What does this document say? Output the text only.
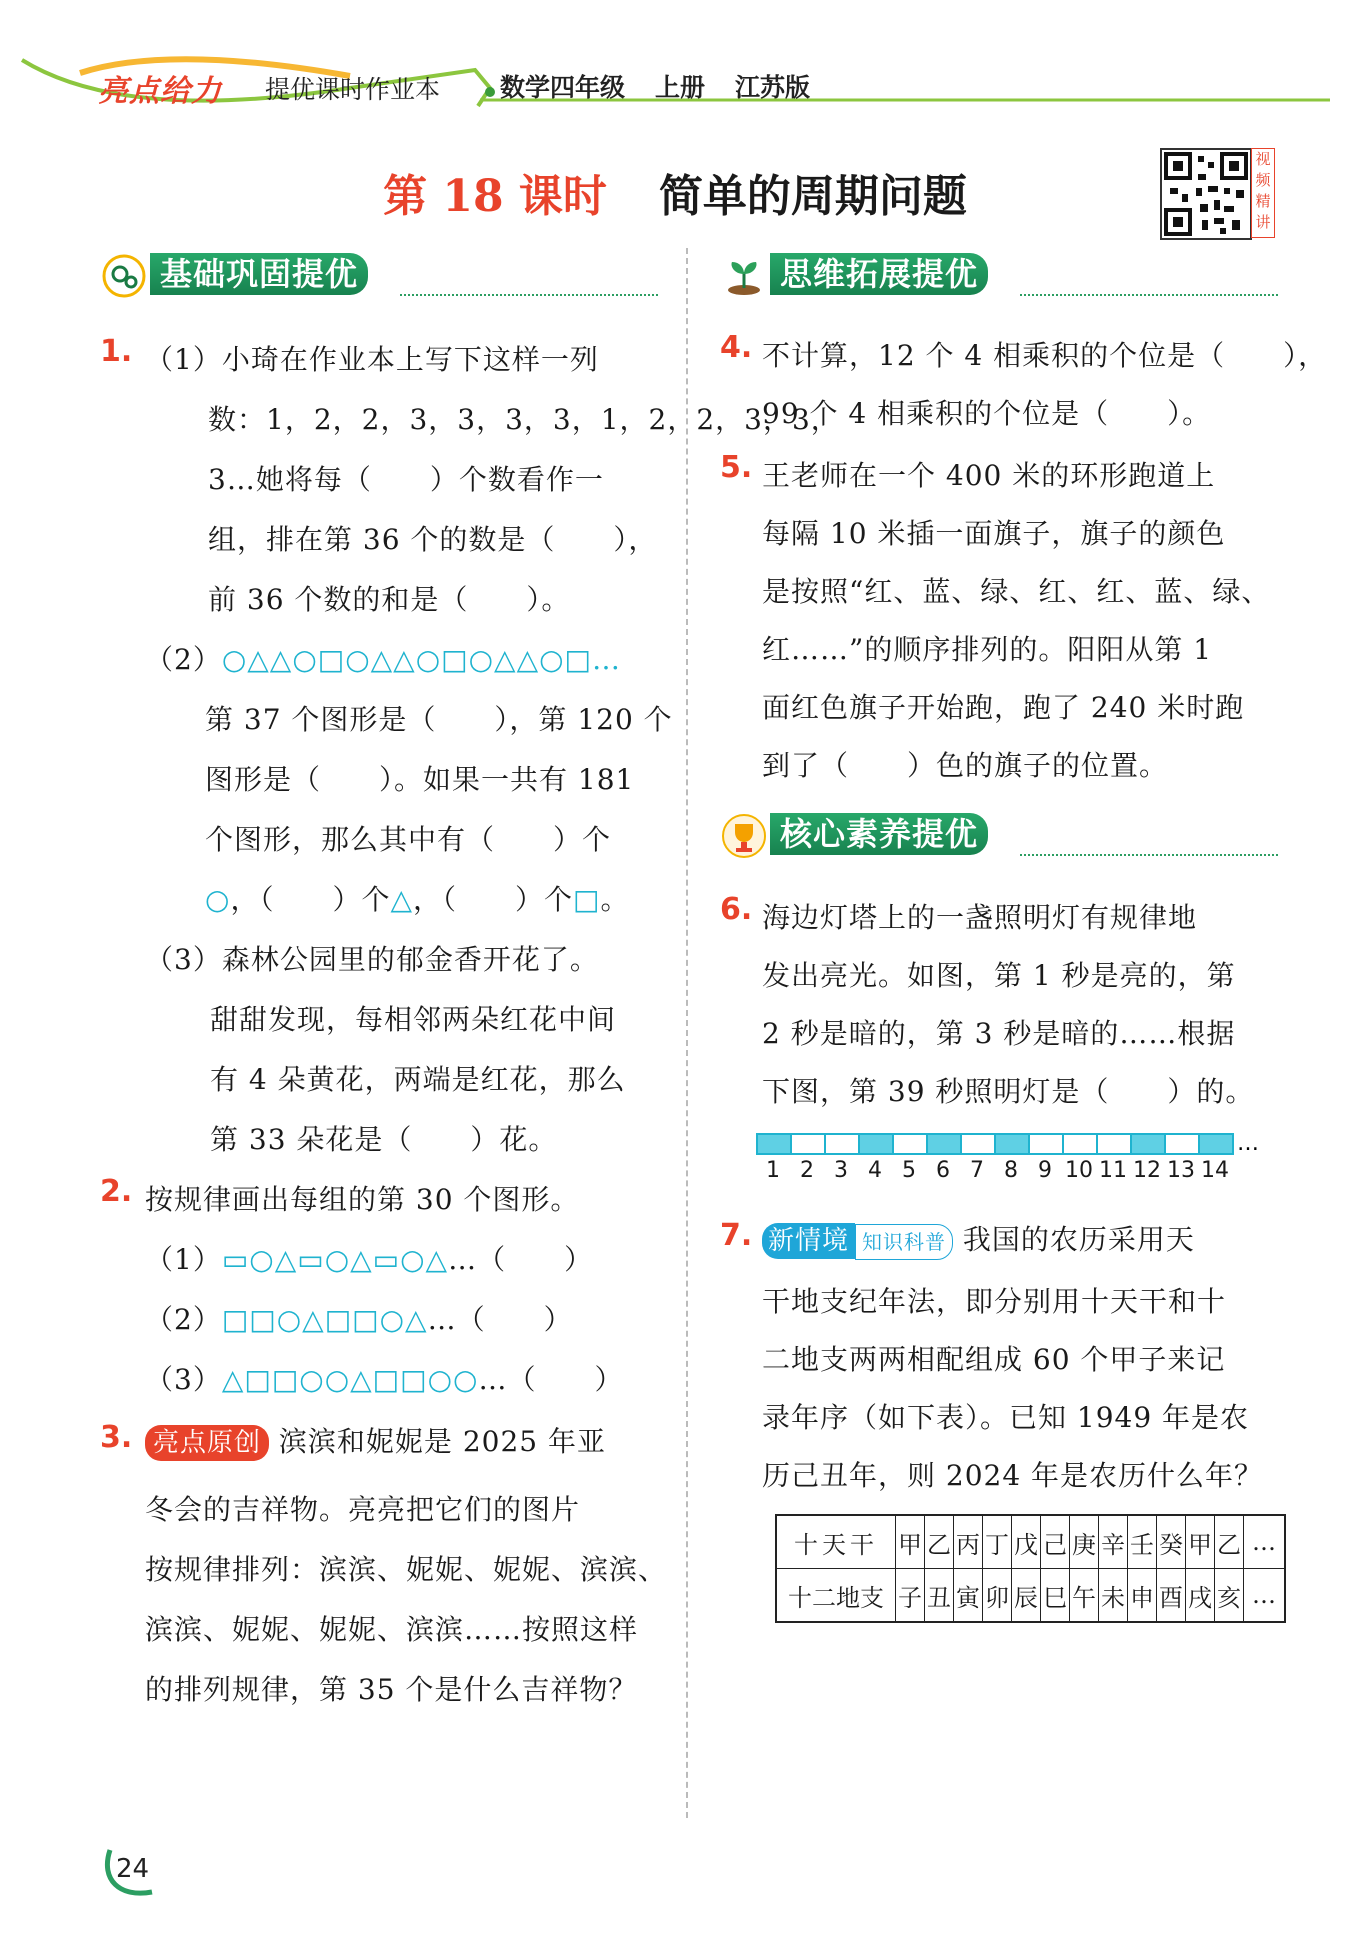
亮点给力 提优课时作业本 数学四年级 上册 江苏版
第 18 课时 简单的周期问题
视频精讲
基础巩固提优	思维拓展提优
核心素养提优
1. （1）小琦在作业本上写下这样一列
数：1，2，2，3，3，3，3，1，2，2，3，3，
3…她将每（　　）个数看作一
组，排在第 36 个的数是（　　），
前 36 个数的和是（　　）。
（2）○△△○□○△△○□○△△○□…
第 37 个图形是（　　），第 120 个
图形是（　　）。如果一共有 181
个图形，那么其中有（　　）个
○，（　　）个△，（　　）个□。
（3）森林公园里的郁金香开花了。
甜甜发现，每相邻两朵红花中间
有 4 朵黄花，两端是红花，那么
第 33 朵花是（　　）花。
2. 按规律画出每组的第 30 个图形。
（1）▭○△▭○△▭○△…（　　）
（2）□□○△□□○△…（　　）
（3）△□□○○△□□○○…（　　）
3. 亮点原创 滨滨和妮妮是 2025 年亚
冬会的吉祥物。亮亮把它们的图片
按规律排列：滨滨、妮妮、妮妮、滨滨、
滨滨、妮妮、妮妮、滨滨……按照这样
的排列规律，第 35 个是什么吉祥物？
4. 不计算，12 个 4 相乘积的个位是（　　），
99 个 4 相乘积的个位是（　　）。
5. 王老师在一个 400 米的环形跑道上
每隔 10 米插一面旗子，旗子的颜色
是按照“红、蓝、绿、红、红、蓝、绿、
红……”的顺序排列的。阳阳从第 1
面红色旗子开始跑，跑了 240 米时跑
到了（　　）色的旗子的位置。
6. 海边灯塔上的一盏照明灯有规律地
发出亮光。如图，第 1 秒是亮的，第
2 秒是暗的，第 3 秒是暗的……根据
下图，第 39 秒照明灯是（　　）的。
…
1 2 3 4 5 6 7 8 9 10 11 12 13 14
7. 新情境 知识科普 我国的农历采用天
干地支纪年法，即分别用十天干和十
二地支两两相配组成 60 个甲子来记
录年序（如下表）。已知 1949 年是农
历己丑年，则 2024 年是农历什么年？
十天干	甲	乙	丙	丁	戊	己	庚	辛	壬	癸	甲	乙	…
十二地支	子	丑	寅	卯	辰	巳	午	未	申	酉	戌	亥	…
24
